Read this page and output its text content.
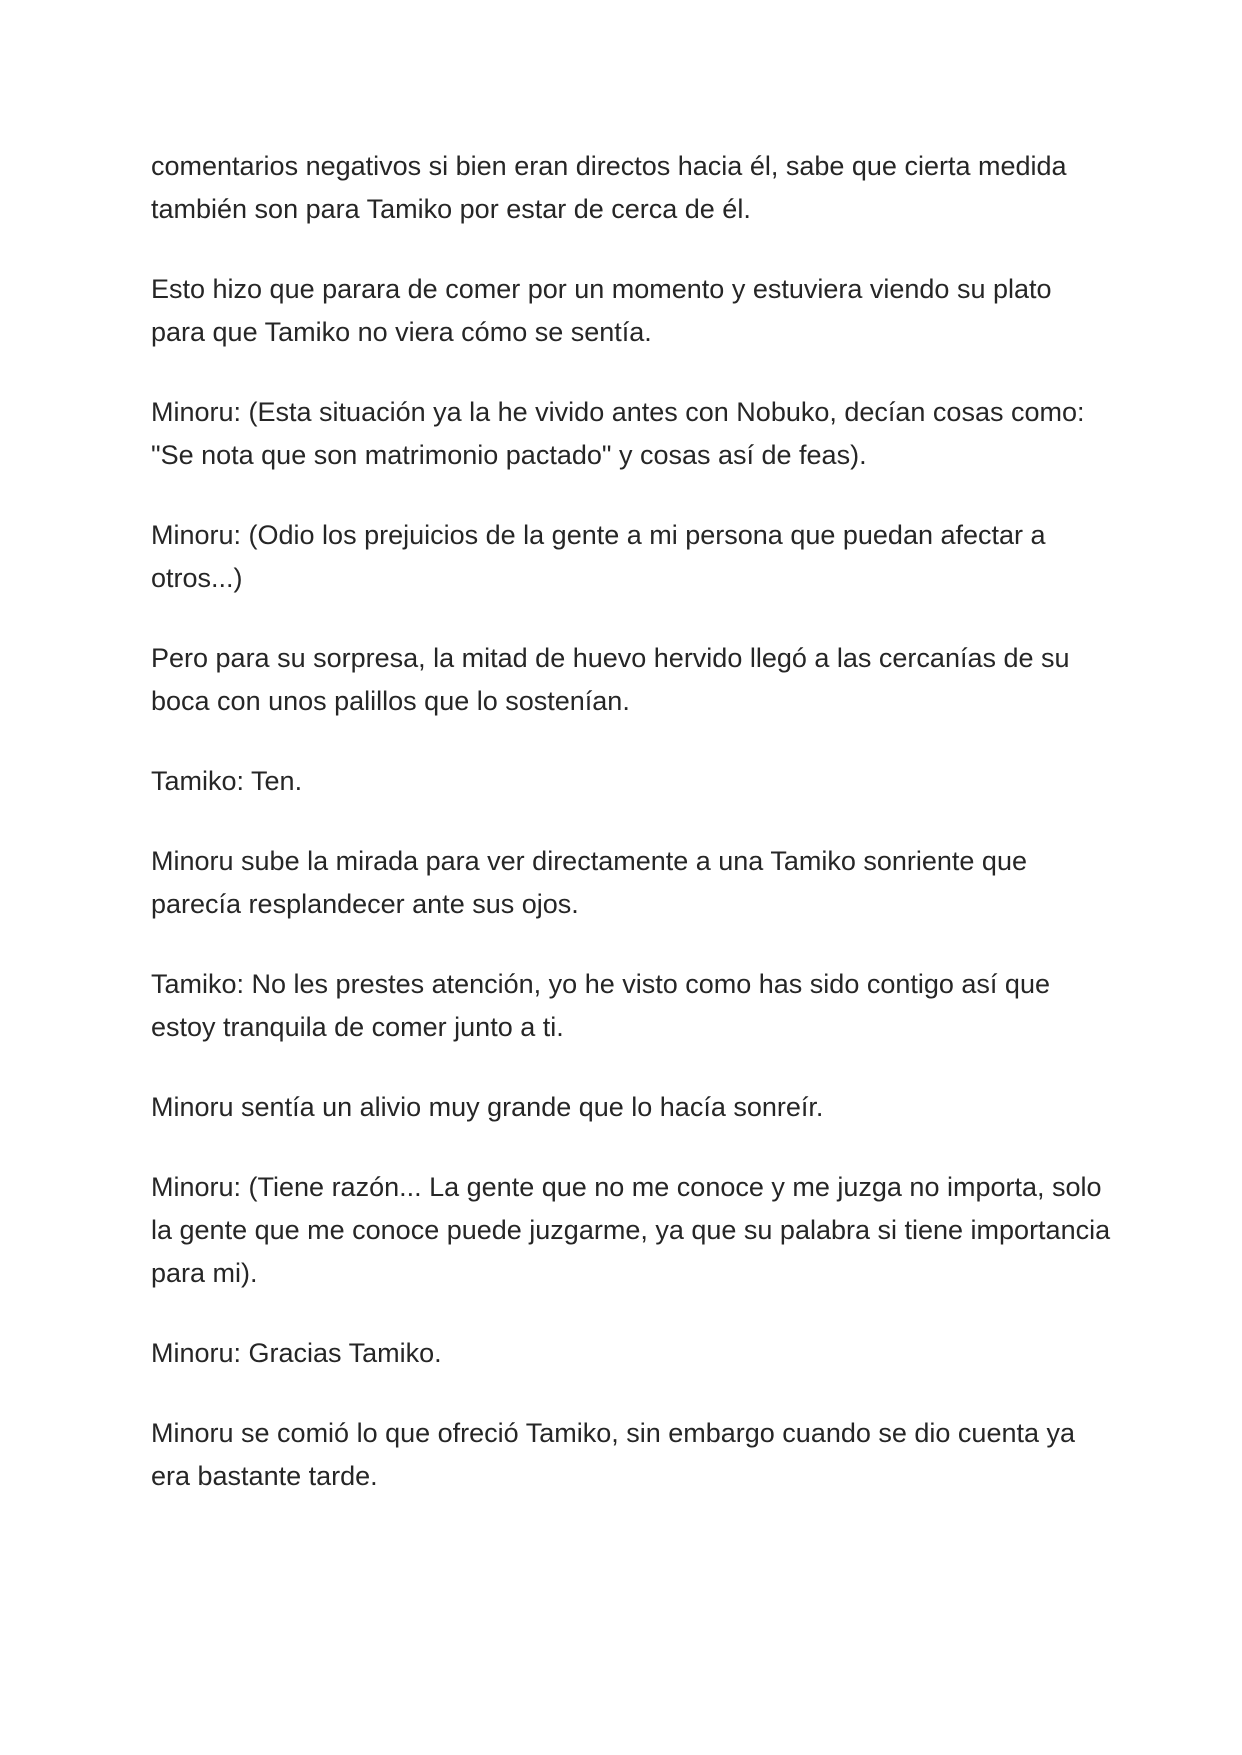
comentarios negativos si bien eran directos hacia él, sabe que cierta medida también son para Tamiko por estar de cerca de él.

Esto hizo que parara de comer por un momento y estuviera viendo su plato para que Tamiko no viera cómo se sentía.

Minoru: (Esta situación ya la he vivido antes con Nobuko, decían cosas como: "Se nota que son matrimonio pactado" y cosas así de feas).

Minoru: (Odio los prejuicios de la gente a mi persona que puedan afectar a otros...)

Pero para su sorpresa, la mitad de huevo hervido llegó a las cercanías de su boca con unos palillos que lo sostenían.

Tamiko: Ten.

Minoru sube la mirada para ver directamente a una Tamiko sonriente que parecía resplandecer ante sus ojos.

Tamiko: No les prestes atención, yo he visto como has sido contigo así que estoy tranquila de comer junto a ti.

Minoru sentía un alivio muy grande que lo hacía sonreír.

Minoru: (Tiene razón... La gente que no me conoce y me juzga no importa, solo la gente que me conoce puede juzgarme, ya que su palabra si tiene importancia para mi).

Minoru: Gracias Tamiko.

Minoru se comió lo que ofreció Tamiko, sin embargo cuando se dio cuenta ya era bastante tarde.
